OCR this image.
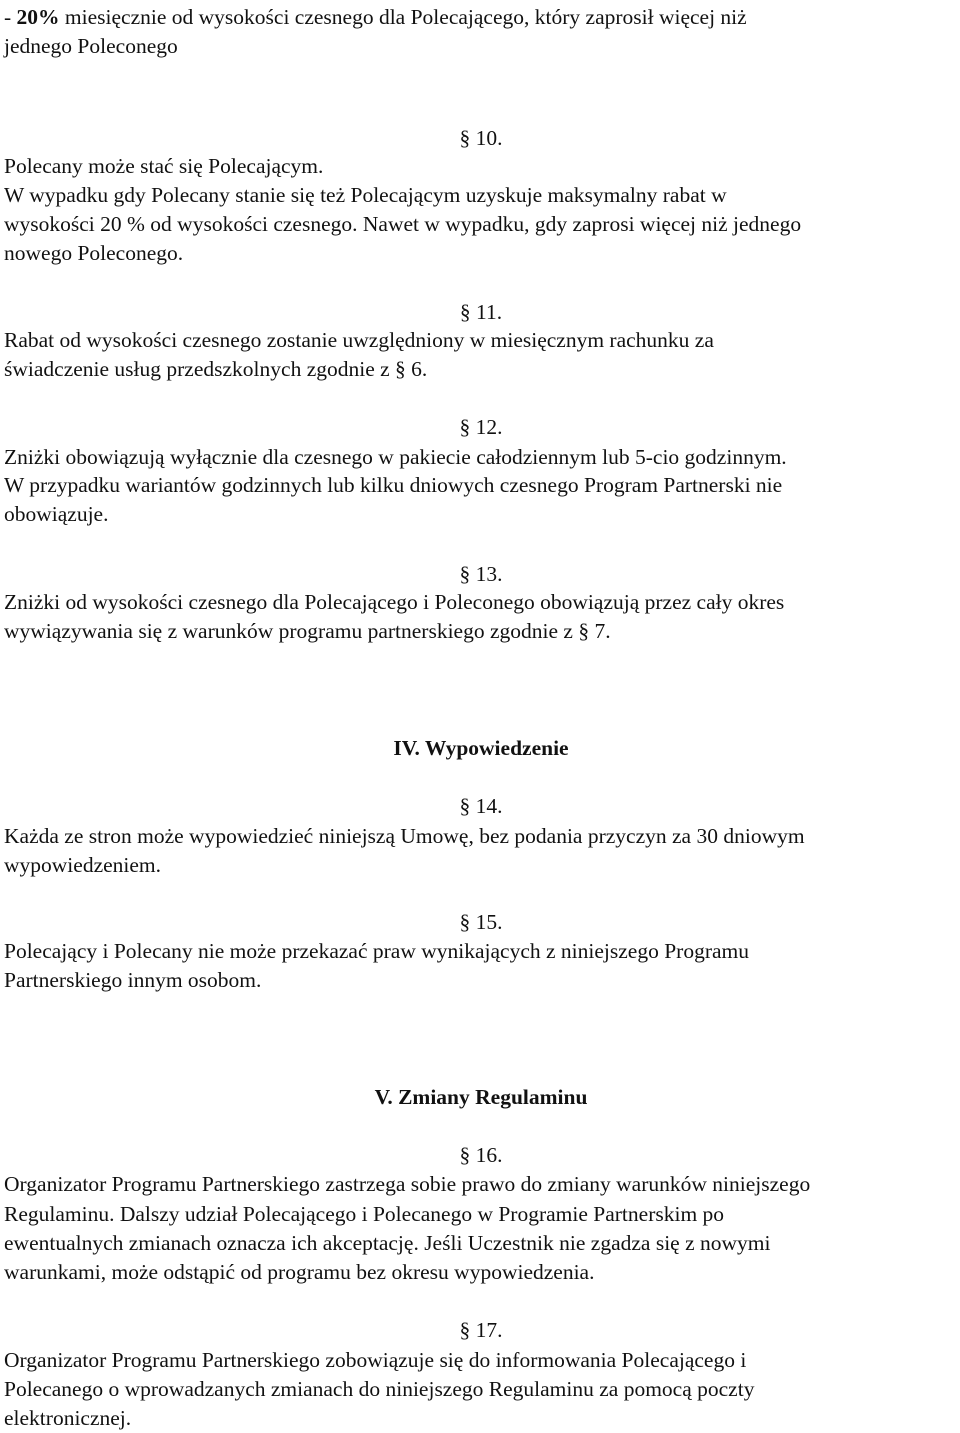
- 20% miesięcznie od wysokości czesnego dla Polecającego, który zaprosił więcej niż
jednego Poleconego
§ 10.
Polecany może stać się Polecającym.
W wypadku gdy Polecany stanie się też Polecającym uzyskuje maksymalny rabat w
wysokości 20 % od wysokości czesnego. Nawet w wypadku, gdy zaprosi więcej niż jednego
nowego Poleconego.
§ 11.
Rabat od wysokości czesnego zostanie uwzględniony w miesięcznym rachunku za
świadczenie usług przedszkolnych zgodnie z § 6.
§ 12.
Zniżki obowiązują wyłącznie dla czesnego w pakiecie całodziennym lub 5-cio godzinnym.
W przypadku wariantów godzinnych lub kilku dniowych czesnego Program Partnerski nie
obowiązuje.
§ 13.
Zniżki od wysokości czesnego dla Polecającego i Poleconego obowiązują przez cały okres
wywiązywania się z warunków programu partnerskiego zgodnie z § 7.
IV. Wypowiedzenie
§ 14.
Każda ze stron może wypowiedzieć niniejszą Umowę, bez podania przyczyn za 30 dniowym
wypowiedzeniem.
§ 15.
Polecający i Polecany nie może przekazać praw wynikających z niniejszego Programu
Partnerskiego innym osobom.
V. Zmiany Regulaminu
§ 16.
Organizator Programu Partnerskiego zastrzega sobie prawo do zmiany warunków niniejszego
Regulaminu. Dalszy udział Polecającego i Polecanego w Programie Partnerskim po
ewentualnych zmianach oznacza ich akceptację. Jeśli Uczestnik nie zgadza się z nowymi
warunkami, może odstąpić od programu bez okresu wypowiedzenia.
§ 17.
Organizator Programu Partnerskiego zobowiązuje się do informowania Polecającego i
Polecanego o wprowadzanych zmianach do niniejszego Regulaminu za pomocą poczty
elektronicznej.
